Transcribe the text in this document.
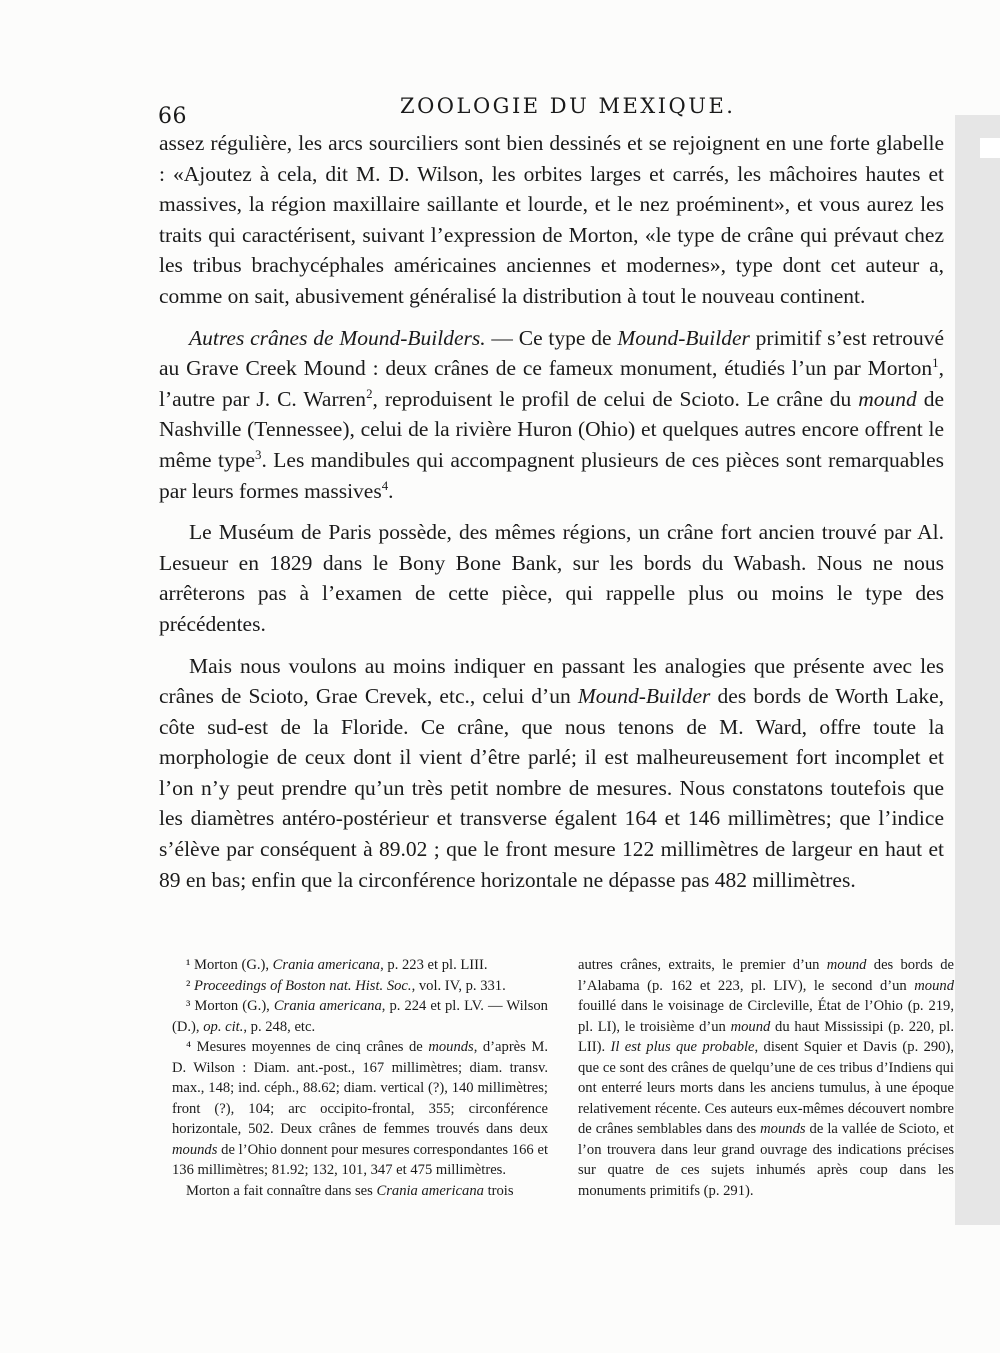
66	ZOOLOGIE DU MEXIQUE.

assez régulière, les arcs sourciliers sont bien dessinés et se rejoignent en une forte glabelle : «Ajoutez à cela, dit M. D. Wilson, les orbites larges et carrés, les mâchoires hautes et massives, la région maxillaire saillante et lourde, et le nez proéminent», et vous aurez les traits qui caractérisent, suivant l’expression de Morton, «le type de crâne qui prévaut chez les tribus brachycéphales américaines anciennes et modernes», type dont cet auteur a, comme on sait, abusivement généralisé la distribution à tout le nouveau continent.

Autres crânes de Mound-Builders. — Ce type de Mound-Builder primitif s’est retrouvé au Grave Creek Mound : deux crânes de ce fameux monument, étudiés l’un par Morton$^1$, l’autre par J. C. Warren$^2$, reproduisent le profil de celui de Scioto. Le crâne du mound de Nashville (Tennessee), celui de la rivière Huron (Ohio) et quelques autres encore offrent le même type$^3$. Les mandibules qui accompagnent plusieurs de ces pièces sont remarquables par leurs formes massives$^4$.

Le Muséum de Paris possède, des mêmes régions, un crâne fort ancien trouvé par Al. Lesueur en 1829 dans le Bony Bone Bank, sur les bords du Wabash. Nous ne nous arrêterons pas à l’examen de cette pièce, qui rappelle plus ou moins le type des précédentes.

Mais nous voulons au moins indiquer en passant les analogies que présente avec les crânes de Scioto, Grae Crevek, etc., celui d’un Mound-Builder des bords de Worth Lake, côte sud-est de la Floride. Ce crâne, que nous tenons de M. Ward, offre toute la morphologie de ceux dont il vient d’être parlé; il est malheureusement fort incomplet et l’on n’y peut prendre qu’un très petit nombre de mesures. Nous constatons toutefois que les diamètres antéro-postérieur et transverse égalent 164 et 146 millimètres; que l’indice s’élève par conséquent à 89.02 ; que le front mesure 122 millimètres de largeur en haut et 89 en bas; enfin que la circonférence horizontale ne dépasse pas 482 millimètres.

¹ Morton (G.), Crania americana, p. 223 et pl. LIII.

² Proceedings of Boston nat. Hist. Soc., vol. IV, p. 331.

³ Morton (G.), Crania americana, p. 224 et pl. LV. — Wilson (D.), op. cit., p. 248, etc.

⁴ Mesures moyennes de cinq crânes de mounds, d’après M. D. Wilson : Diam. ant.-post., 167 millimètres; diam. transv. max., 148; ind. céph., 88.62; diam. vertical (?), 140 millimètres; front (?), 104; arc occipito-frontal, 355; circonférence horizontale, 502. Deux crânes de femmes trouvés dans deux mounds de l’Ohio donnent pour mesures correspondantes 166 et 136 millimètres; 81.92; 132, 101, 347 et 475 millimètres.

Morton a fait connaître dans ses Crania americana trois

autres crânes, extraits, le premier d’un mound des bords de l’Alabama (p. 162 et 223, pl. LIV), le second d’un mound fouillé dans le voisinage de Circleville, État de l’Ohio (p. 219, pl. LI), le troisième d’un mound du haut Mississipi (p. 220, pl. LII). Il est plus que probable, disent Squier et Davis (p. 290), que ce sont des crânes de quelqu’une de ces tribus d’Indiens qui ont enterré leurs morts dans les anciens tumulus, à une époque relativement récente. Ces auteurs eux-mêmes découvert nombre de crânes semblables dans des mounds de la vallée de Scioto, et l’on trouvera dans leur grand ouvrage des indications précises sur quatre de ces sujets inhumés après coup dans les monuments primitifs (p. 291).
